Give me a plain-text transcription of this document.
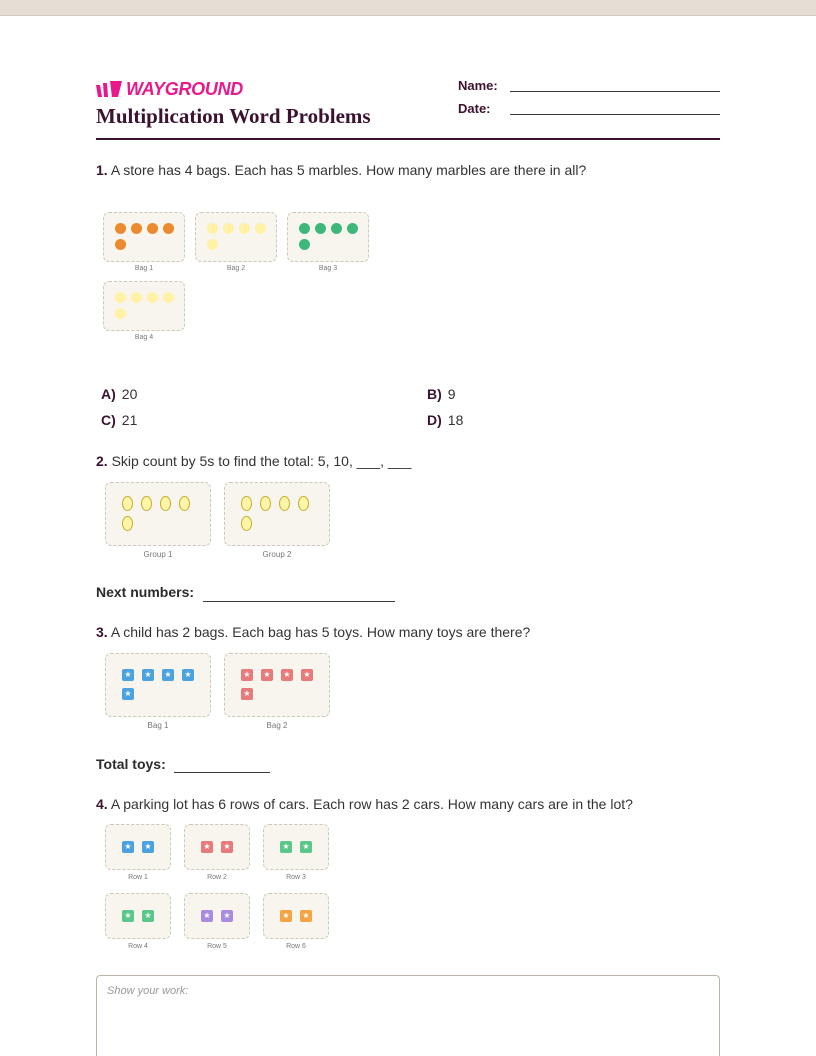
WAYGROUND
Multiplication Word Problems
Name:
Date:
1. A store has 4 bags. Each has 5 marbles. How many marbles are there in all?
Bag 1	Bag 2	Bag 3
Bag 4
A) 20	B) 9
C) 21	D) 18
2. Skip count by 5s to find the total: 5, 10, ___, ___
Group 1	Group 2
Next numbers:
3. A child has 2 bags. Each bag has 5 toys. How many toys are there?
★	★	★	★
★
Bag 1
★	★	★	★
★
Bag 2
Total toys:
4. A parking lot has 6 rows of cars. Each row has 2 cars. How many cars are in the lot?
★	★
Row 1
★	★
Row 2
★	★
Row 3
★	★
Row 4
★	★
Row 5
★	★
Row 6
Show your work:
